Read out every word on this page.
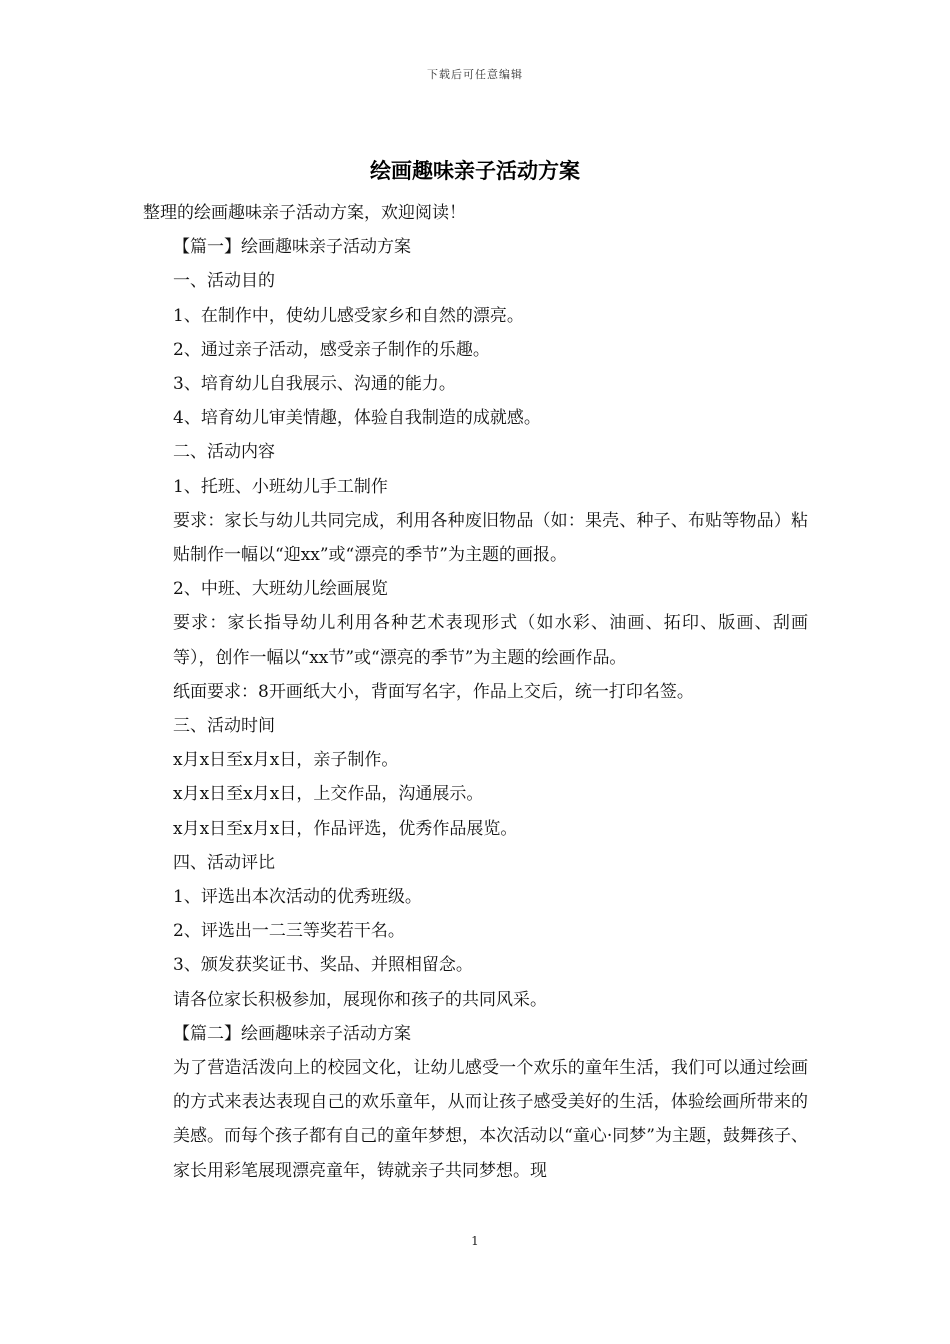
下载后可任意编辑
绘画趣味亲子活动方案

整理的绘画趣味亲子活动方案，欢迎阅读！

【篇一】绘画趣味亲子活动方案

一、活动目的

1、在制作中，使幼儿感受家乡和自然的漂亮。

2、通过亲子活动，感受亲子制作的乐趣。

3、培育幼儿自我展示、沟通的能力。

4、培育幼儿审美情趣，体验自我制造的成就感。

二、活动内容

1、托班、小班幼儿手工制作

要求：家长与幼儿共同完成，利用各种废旧物品（如：果壳、种子、布贴等物品）粘贴制作一幅以“迎xx”或“漂亮的季节”为主题的画报。

2、中班、大班幼儿绘画展览

要求：家长指导幼儿利用各种艺术表现形式（如水彩、油画、拓印、版画、刮画等），创作一幅以“xx节”或“漂亮的季节”为主题的绘画作品。

纸面要求：8开画纸大小，背面写名字，作品上交后，统一打印名签。

三、活动时间

x月x日至x月x日，亲子制作。

x月x日至x月x日，上交作品，沟通展示。

x月x日至x月x日，作品评选，优秀作品展览。

四、活动评比

1、评选出本次活动的优秀班级。

2、评选出一二三等奖若干名。

3、颁发获奖证书、奖品、并照相留念。

请各位家长积极参加，展现你和孩子的共同风采。

【篇二】绘画趣味亲子活动方案

为了营造活泼向上的校园文化，让幼儿感受一个欢乐的童年生活，我们可以通过绘画的方式来表达表现自己的欢乐童年，从而让孩子感受美好的生活，体验绘画所带来的美感。而每个孩子都有自己的童年梦想，本次活动以“童心·同梦”为主题，鼓舞孩子、家长用彩笔展现漂亮童年，铸就亲子共同梦想。现

1
